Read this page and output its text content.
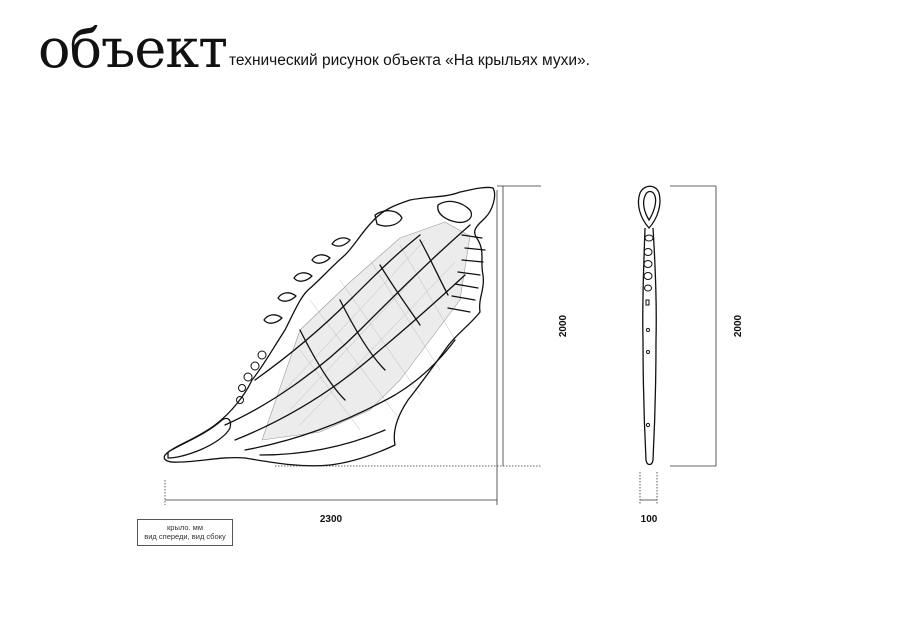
объект технический рисунок объекта «На крыльях мухи».
2300
2000
100
2000
крыло. мм
вид спереди, вид сбоку
